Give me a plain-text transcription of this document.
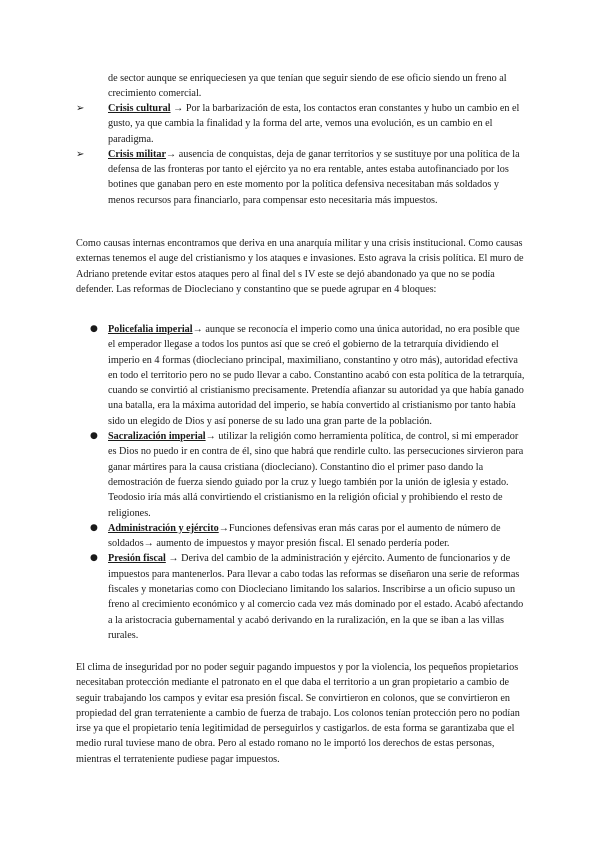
de sector aunque se enriqueciesen ya que tenían que seguir siendo de ese oficio siendo un freno al crecimiento comercial.

➢	Crisis cultural → Por la barbarización de esta, los contactos eran constantes y hubo un cambio en el gusto, ya que cambia la finalidad y la forma del arte, vemos una evolución, es un cambio en el paradigma.
➢	Crisis militar→ ausencia de conquistas, deja de ganar territorios y se sustituye por una política de la defensa de las fronteras por tanto el ejército ya no era rentable, antes estaba autofinanciado por los botines que ganaban pero en este momento por la política defensiva necesitaban más soldados y menos recursos para financiarlo, para compensar esto necesitaria más impuestos.

Como causas internas encontramos que deriva en una anarquía militar y una crisis institucional. Como causas externas tenemos el auge del cristianismo y los ataques e invasiones. Esto agrava la crisis política. El muro de Adriano pretende evitar estos ataques pero al final del s IV este se dejó abandonado ya que no se podía defender. Las reformas de Diocleciano y constantino que se puede agrupar en 4 bloques:

● Policefalia imperial→ aunque se reconocía el imperio como una única autoridad, no era posible que el emperador llegase a todos los puntos así que se creó el gobierno de la tetrarquía dividiendo el imperio en 4 formas (diocleciano principal, maximiliano, constantino y otro más), autoridad efectiva en todo el territorio pero no se pudo llevar a cabo. Constantino acabó con esta política de la tetrarquía, cuando se convirtió al cristianismo precisamente. Pretendía afianzar su autoridad ya que había ganado una batalla, era la máxima autoridad del imperio, se había convertido al cristianismo por tanto había sido un elegido de Dios y así ponerse de su lado una gran parte de la población.
● Sacralización imperial→ utilizar la religión como herramienta política, de control, si mi emperador es Dios no puedo ir en contra de él, sino que habrá que rendirle culto. las persecuciones sirvieron para ganar mártires para la causa cristiana (diocleciano). Constantino dio el primer paso dando la demostración de fuerza siendo guiado por la cruz y luego también por la unión de iglesia y estado. Teodosio iría más allá convirtiendo el cristianismo en la religión oficial y prohibiendo el resto de religiones.
● Administración y ejército→Funciones defensivas eran más caras por el aumento de número de soldados→ aumento de impuestos y mayor presión fiscal. El senado perdería poder.
● Presión fiscal → Deriva del cambio de la administración y ejército. Aumento de funcionarios y de impuestos para mantenerlos. Para llevar a cabo todas las reformas se diseñaron una serie de reformas fiscales y monetarias como con Diocleciano limitando los salarios. Inscribirse a un oficio supuso un freno al crecimiento económico y al comercio cada vez más dominado por el estado. Acabó afectando a la aristocracia gubernamental y acabó derivando en la ruralización, en la que se iban a las villas rurales.

El clima de inseguridad por no poder seguir pagando impuestos y por la violencia, los pequeños propietarios necesitaban protección mediante el patronato en el que daba el territorio a un gran propietario a cambio de seguir trabajando los campos y evitar esa presión fiscal. Se convirtieron en colonos, que se convirtieron en propiedad del gran terrateniente a cambio de fuerza de trabajo. Los colonos tenían protección pero no podían irse ya que el propietario tenía legitimidad de perseguirlos y castigarlos. de esta forma se garantizaba que el medio rural tuviese mano de obra. Pero al estado romano no le importó los derechos de estas personas, mientras el terrateniente pudiese pagar impuestos.
